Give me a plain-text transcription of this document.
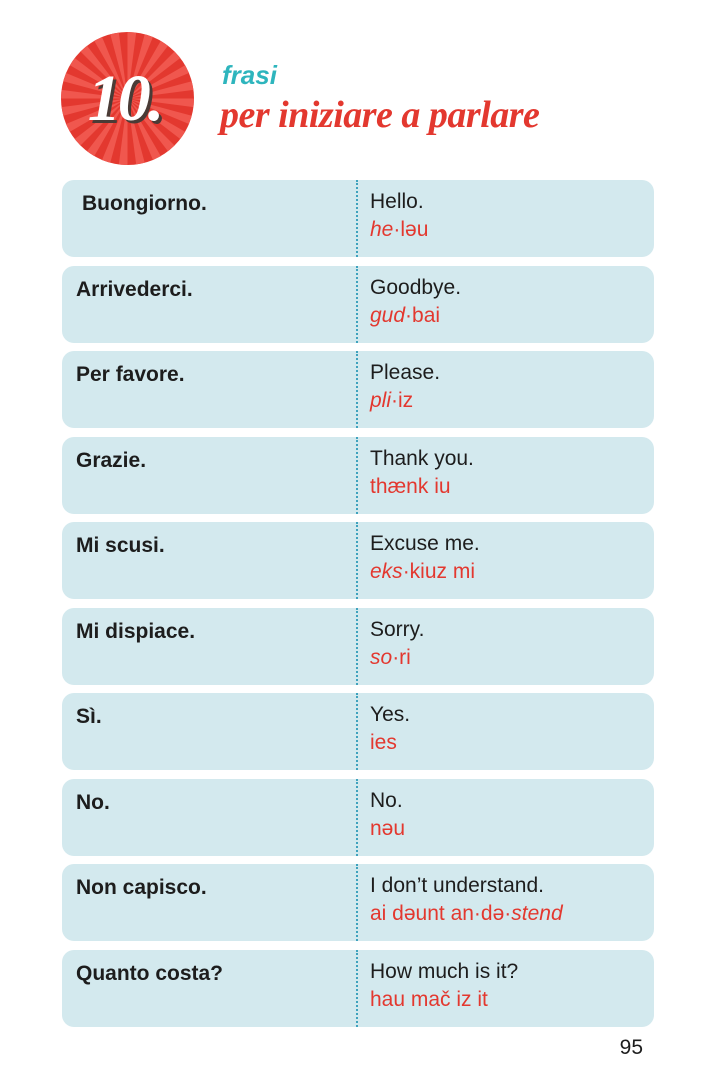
10.	frasi
per iniziare a parlare
Buongiorno.	Hello.
he·ləu
Arrivederci.	Goodbye.
gud·bai
Per favore.	Please.
pli·iz
Grazie.	Thank you.
thænk iu
Mi scusi.	Excuse me.
eks·kiuz mi
Mi dispiace.	Sorry.
so·ri
Sì.	Yes.
ies
No.	No.
nəu
Non capisco.	I don’t understand.
ai dəunt an·də·stend
Quanto costa?	How much is it?
hau mač iz it
95
